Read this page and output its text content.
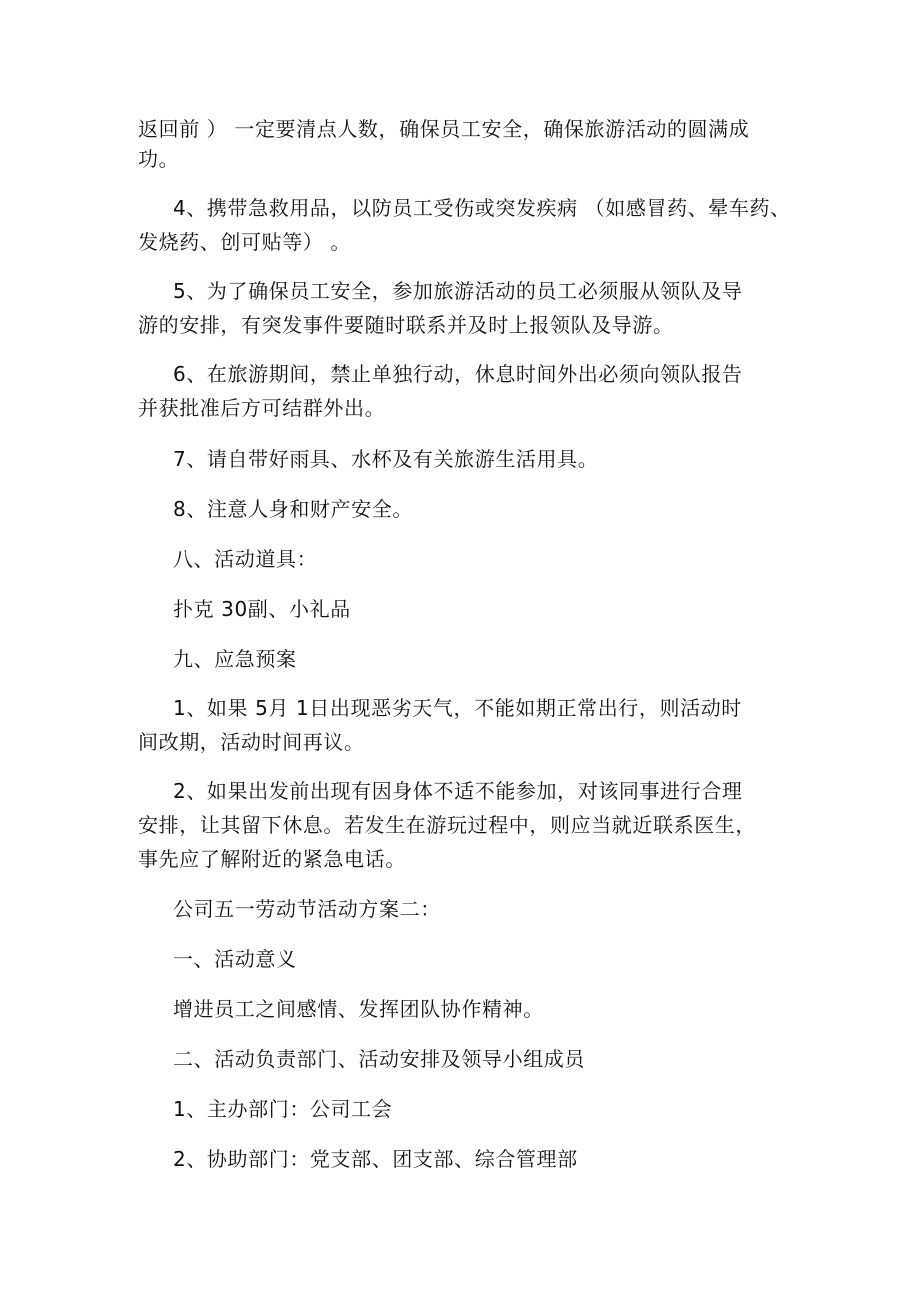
返回前 ） 一定要清点人数，确保员工安全，确保旅游活动的圆满成
功。
4、携带急救用品，以防员工受伤或突发疾病 （如感冒药、晕车药、
发烧药、创可贴等） 。
5、为了确保员工安全，参加旅游活动的员工必须服从领队及导
游的安排，有突发事件要随时联系并及时上报领队及导游。
6、在旅游期间，禁止单独行动，休息时间外出必须向领队报告
并获批准后方可结群外出。
7、请自带好雨具、水杯及有关旅游生活用具。
8、注意人身和财产安全。
八、活动道具：
扑克 30副、小礼品
九、应急预案
1、如果 5月 1日出现恶劣天气，不能如期正常出行，则活动时
间改期，活动时间再议。
2、如果出发前出现有因身体不适不能参加，对该同事进行合理
安排，让其留下休息。若发生在游玩过程中，则应当就近联系医生，
事先应了解附近的紧急电话。
公司五一劳动节活动方案二：
一、活动意义
增进员工之间感情、发挥团队协作精神。
二、活动负责部门、活动安排及领导小组成员
1、主办部门：公司工会
2、协助部门：党支部、团支部、综合管理部
